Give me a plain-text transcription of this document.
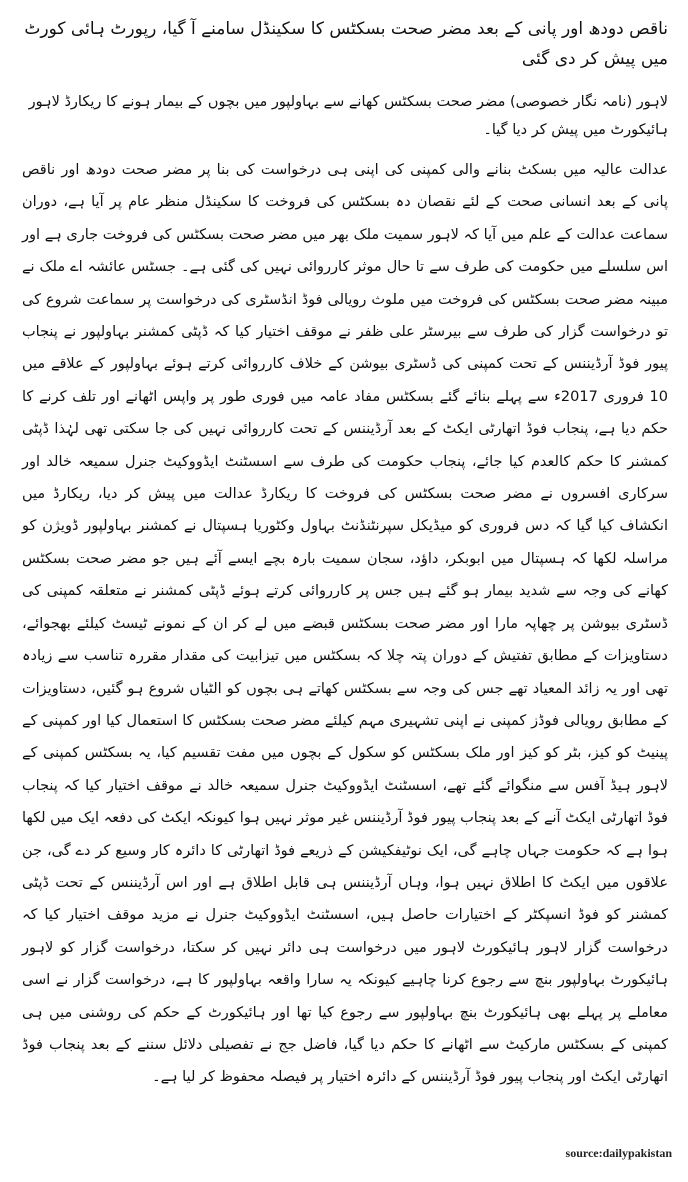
ناقص دودھ اور پانی کے بعد مضر صحت بسکٹس کا سکینڈل سامنے آ گیا، رپورٹ ہائی کورٹ میں پیش کر دی گئی

لاہور (نامہ نگار خصوصی) مضر صحت بسکٹس کھانے سے بہاولپور میں بچوں کے بیمار ہونے کا ریکارڈ لاہور ہائیکورٹ میں پیش کر دیا گیا۔

عدالت عالیہ میں بسکٹ بنانے والی کمپنی کی اپنی ہی درخواست کی بنا پر مضر صحت دودھ اور ناقص پانی کے بعد انسانی صحت کے لئے نقصان دہ بسکٹس کی فروخت کا سکینڈل منظر عام پر آیا ہے، دوران سماعت عدالت کے علم میں آیا کہ لاہور سمیت ملک بھر میں مضر صحت بسکٹس کی فروخت جاری ہے اور اس سلسلے میں حکومت کی طرف سے تا حال موثر کارروائی نہیں کی گئی ہے۔ جسٹس عائشہ اے ملک نے مبینہ مضر صحت بسکٹس کی فروخت میں ملوث رویالی فوڈ انڈسٹری کی درخواست پر سماعت شروع کی تو درخواست گزار کی طرف سے بیرسٹر علی ظفر نے موقف اختیار کیا کہ ڈپٹی کمشنر بہاولپور نے پنجاب پیور فوڈ آرڈیننس کے تحت کمپنی کی ڈسٹری بیوشن کے خلاف کارروائی کرتے ہوئے بہاولپور کے علاقے میں 10 فروری 2017ء سے پہلے بنائے گئے بسکٹس مفاد عامہ میں فوری طور پر واپس اٹھانے اور تلف کرنے کا حکم دیا ہے، پنجاب فوڈ اتھارٹی ایکٹ کے بعد آرڈیننس کے تحت کارروائی نہیں کی جا سکتی تھی لہٰذا ڈپٹی کمشنر کا حکم کالعدم کیا جائے، پنجاب حکومت کی طرف سے اسسٹنٹ ایڈووکیٹ جنرل سمیعہ خالد اور سرکاری افسروں نے مضر صحت بسکٹس کی فروخت کا ریکارڈ عدالت میں پیش کر دیا، ریکارڈ میں انکشاف کیا گیا کہ دس فروری کو میڈیکل سپرنٹنڈنٹ بہاول وکٹوریا ہسپتال نے کمشنر بہاولپور ڈویژن کو مراسلہ لکھا کہ ہسپتال میں ابوبکر، داؤد، سجان سمیت بارہ بچے ایسے آئے ہیں جو مضر صحت بسکٹس کھانے کی وجہ سے شدید بیمار ہو گئے ہیں جس پر کارروائی کرتے ہوئے ڈپٹی کمشنر نے متعلقہ کمپنی کی ڈسٹری بیوشن پر چھاپہ مارا اور مضر صحت بسکٹس قبضے میں لے کر ان کے نمونے ٹیسٹ کیلئے بھجوائے، دستاویزات کے مطابق تفتیش کے دوران پتہ چلا کہ بسکٹس میں تیزابیت کی مقدار مقررہ تناسب سے زیادہ تھی اور یہ زائد المعیاد تھے جس کی وجہ سے بسکٹس کھاتے ہی بچوں کو الٹیاں شروع ہو گئیں، دستاویزات کے مطابق رویالی فوڈز کمپنی نے اپنی تشہیری مہم کیلئے مضر صحت بسکٹس کا استعمال کیا اور کمپنی کے پینیٹ کو کیز، بٹر کو کیز اور ملک بسکٹس کو سکول کے بچوں میں مفت تقسیم کیا، یہ بسکٹس کمپنی کے لاہور ہیڈ آفس سے منگوائے گئے تھے، اسسٹنٹ ایڈووکیٹ جنرل سمیعہ خالد نے موقف اختیار کیا کہ پنجاب فوڈ اتھارٹی ایکٹ آنے کے بعد پنجاب پیور فوڈ آرڈیننس غیر موثر نہیں ہوا کیونکہ ایکٹ کی دفعہ ایک میں لکھا ہوا ہے کہ حکومت جہاں چاہے گی، ایک نوٹیفکیشن کے ذریعے فوڈ اتھارٹی کا دائرہ کار وسیع کر دے گی، جن علاقوں میں ایکٹ کا اطلاق نہیں ہوا، وہاں آرڈیننس ہی قابل اطلاق ہے اور اس آرڈیننس کے تحت ڈپٹی کمشنر کو فوڈ انسپکٹر کے اختیارات حاصل ہیں، اسسٹنٹ ایڈووکیٹ جنرل نے مزید موقف اختیار کیا کہ درخواست گزار لاہور ہائیکورٹ لاہور میں درخواست ہی دائر نہیں کر سکتا، درخواست گزار کو لاہور ہائیکورٹ بہاولپور بنچ سے رجوع کرنا چاہیے کیونکہ یہ سارا واقعہ بہاولپور کا ہے، درخواست گزار نے اسی معاملے پر پہلے بھی ہائیکورٹ بنچ بہاولپور سے رجوع کیا تھا اور ہائیکورٹ کے حکم کی روشنی میں ہی کمپنی کے بسکٹس مارکیٹ سے اٹھانے کا حکم دیا گیا، فاضل جج نے تفصیلی دلائل سننے کے بعد پنجاب فوڈ اتھارٹی ایکٹ اور پنجاب پیور فوڈ آرڈیننس کے دائرہ اختیار پر فیصلہ محفوظ کر لیا ہے۔

source:dailypakistan
